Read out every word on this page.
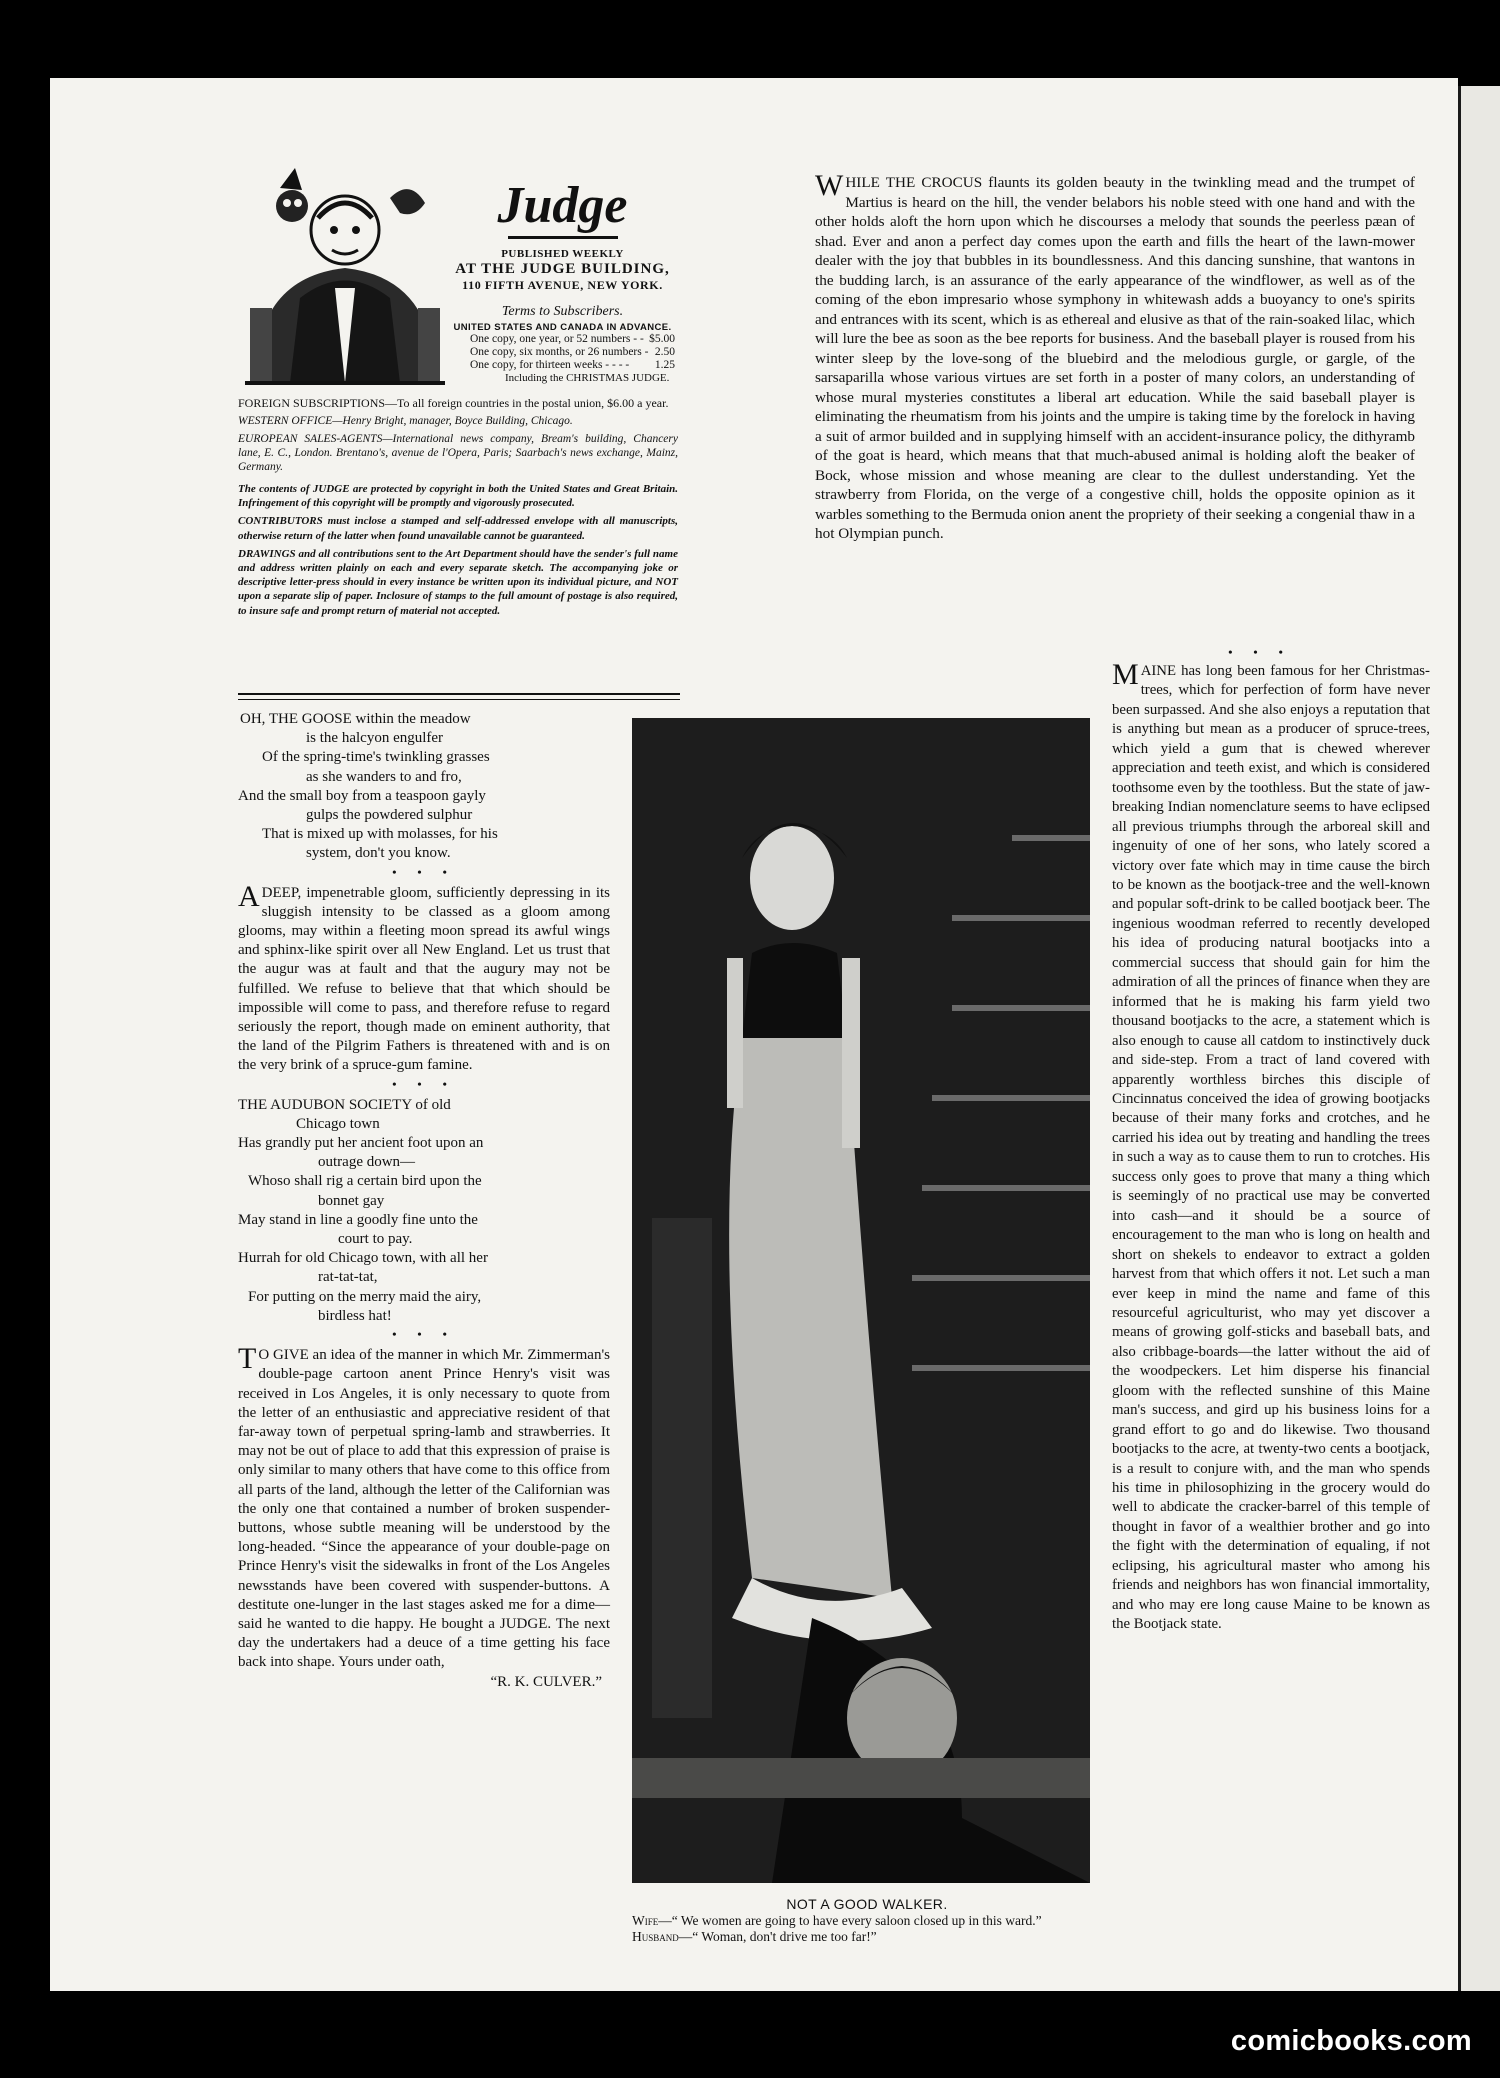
Judge
PUBLISHED WEEKLY
AT THE JUDGE BUILDING,
110 FIFTH AVENUE, NEW YORK.
Terms to Subscribers.
UNITED STATES AND CANADA IN ADVANCE.
One copy, one year, or 52 numbers - - $5.00
One copy, six months, or 26 numbers - 2.50
One copy, for thirteen weeks - - - - 1.25
Including the CHRISTMAS JUDGE.

FOREIGN SUBSCRIPTIONS—To all foreign countries in the postal union, $6.00 a year.

WESTERN OFFICE—Henry Bright, manager, Boyce Building, Chicago.

EUROPEAN SALES-AGENTS—International news company, Bream's building, Chancery lane, E. C., London. Brentano's, avenue de l'Opera, Paris; Saarbach's news exchange, Mainz, Germany.

The contents of JUDGE are protected by copyright in both the United States and Great Britain. Infringement of this copyright will be promptly and vigorously prosecuted.

CONTRIBUTORS must inclose a stamped and self-addressed envelope with all manuscripts, otherwise return of the latter when found unavailable cannot be guaranteed.

DRAWINGS and all contributions sent to the Art Department should have the sender's full name and address written plainly on each and every separate sketch. The accompanying joke or descriptive letter-press should in every instance be written upon its individual picture, and NOT upon a separate slip of paper. Inclosure of stamps to the full amount of postage is also required, to insure safe and prompt return of material not accepted.

WHILE THE CROCUS flaunts its golden beauty in the twinkling mead and the trumpet of Martius is heard on the hill, the vender belabors his noble steed with one hand and with the other holds aloft the horn upon which he discourses a melody that sounds the peerless pæan of shad. Ever and anon a perfect day comes upon the earth and fills the heart of the lawn-mower dealer with the joy that bubbles in its boundlessness. And this dancing sunshine, that wantons in the budding larch, is an assurance of the early appearance of the windflower, as well as of the coming of the ebon impresario whose symphony in whitewash adds a buoyancy to one's spirits and entrances with its scent, which is as ethereal and elusive as that of the rain-soaked lilac, which will lure the bee as soon as the bee reports for business. And the baseball player is roused from his winter sleep by the love-song of the bluebird and the melodious gurgle, or gargle, of the sarsaparilla whose various virtues are set forth in a poster of many colors, an understanding of whose mural mysteries constitutes a liberal art education. While the said baseball player is eliminating the rheumatism from his joints and the umpire is taking time by the forelock in having a suit of armor builded and in supplying himself with an accident-insurance policy, the dithyramb of the goat is heard, which means that that much-abused animal is holding aloft the beaker of Bock, whose mission and whose meaning are clear to the dullest understanding. Yet the strawberry from Florida, on the verge of a congestive chill, holds the opposite opinion as it warbles something to the Bermuda onion anent the propriety of their seeking a congenial thaw in a hot Olympian punch.

OH, THE GOOSE within the meadow
is the halcyon engulfer
Of the spring-time's twinkling grasses
as she wanders to and fro,
And the small boy from a teaspoon gayly
gulps the powdered sulphur
That is mixed up with molasses, for his
system, don't you know.
• • •

ADEEP, impenetrable gloom, sufficiently depressing in its sluggish intensity to be classed as a gloom among glooms, may within a fleeting moon spread its awful wings and sphinx-like spirit over all New England. Let us trust that the augur was at fault and that the augury may not be fulfilled. We refuse to believe that that which should be impossible will come to pass, and therefore refuse to regard seriously the report, though made on eminent authority, that the land of the Pilgrim Fathers is threatened with and is on the very brink of a spruce-gum famine.

• • •
THE AUDUBON SOCIETY of old
Chicago town
Has grandly put her ancient foot upon an
outrage down—
Whoso shall rig a certain bird upon the
bonnet gay
May stand in line a goodly fine unto the
court to pay.
Hurrah for old Chicago town, with all her
rat-tat-tat,
For putting on the merry maid the airy,
birdless hat!
• • •

T O GIVE an idea of the manner in which Mr. Zimmerman's double-page cartoon anent Prince Henry's visit was received in Los Angeles, it is only necessary to quote from the letter of an enthusiastic and appreciative resident of that far-away town of perpetual spring-lamb and strawberries. It may not be out of place to add that this expression of praise is only similar to many others that have come to this office from all parts of the land, although the letter of the Californian was the only one that contained a number of broken suspender-buttons, whose subtle meaning will be understood by the long-headed. “Since the appearance of your double-page on Prince Henry's visit the sidewalks in front of the Los Angeles newsstands have been covered with suspender-buttons. A destitute one-lunger in the last stages asked me for a dime—said he wanted to die happy. He bought a JUDGE. The next day the undertakers had a deuce of a time getting his face back into shape. Yours under oath,

“R. K. CULVER.”
NOT A GOOD WALKER.
Wife—“ We women are going to have every saloon closed up in this ward.”
Husband—“ Woman, don't drive me too far!”
• • •

MAINE has long been famous for her Christmas-trees, which for perfection of form have never been surpassed. And she also enjoys a reputation that is anything but mean as a producer of spruce-trees, which yield a gum that is chewed wherever appreciation and teeth exist, and which is considered toothsome even by the toothless. But the state of jaw-breaking Indian nomenclature seems to have eclipsed all previous triumphs through the arboreal skill and ingenuity of one of her sons, who lately scored a victory over fate which may in time cause the birch to be known as the bootjack-tree and the well-known and popular soft-drink to be called bootjack beer. The ingenious woodman referred to recently developed his idea of producing natural bootjacks into a commercial success that should gain for him the admiration of all the princes of finance when they are informed that he is making his farm yield two thousand bootjacks to the acre, a statement which is also enough to cause all catdom to instinctively duck and side-step. From a tract of land covered with apparently worthless birches this disciple of Cincinnatus conceived the idea of growing bootjacks because of their many forks and crotches, and he carried his idea out by treating and handling the trees in such a way as to cause them to run to crotches. His success only goes to prove that many a thing which is seemingly of no practical use may be converted into cash—and it should be a source of encouragement to the man who is long on health and short on shekels to endeavor to extract a golden harvest from that which offers it not. Let such a man ever keep in mind the name and fame of this resourceful agriculturist, who may yet discover a means of growing golf-sticks and baseball bats, and also cribbage-boards—the latter without the aid of the woodpeckers. Let him disperse his financial gloom with the reflected sunshine of this Maine man's success, and gird up his business loins for a grand effort to go and do likewise. Two thousand bootjacks to the acre, at twenty-two cents a bootjack, is a result to conjure with, and the man who spends his time in philosophizing in the grocery would do well to abdicate the cracker-barrel of this temple of thought in favor of a wealthier brother and go into the fight with the determination of equaling, if not eclipsing, his agricultural master who among his friends and neighbors has won financial immortality, and who may ere long cause Maine to be known as the Bootjack state.

comicbooks.com
